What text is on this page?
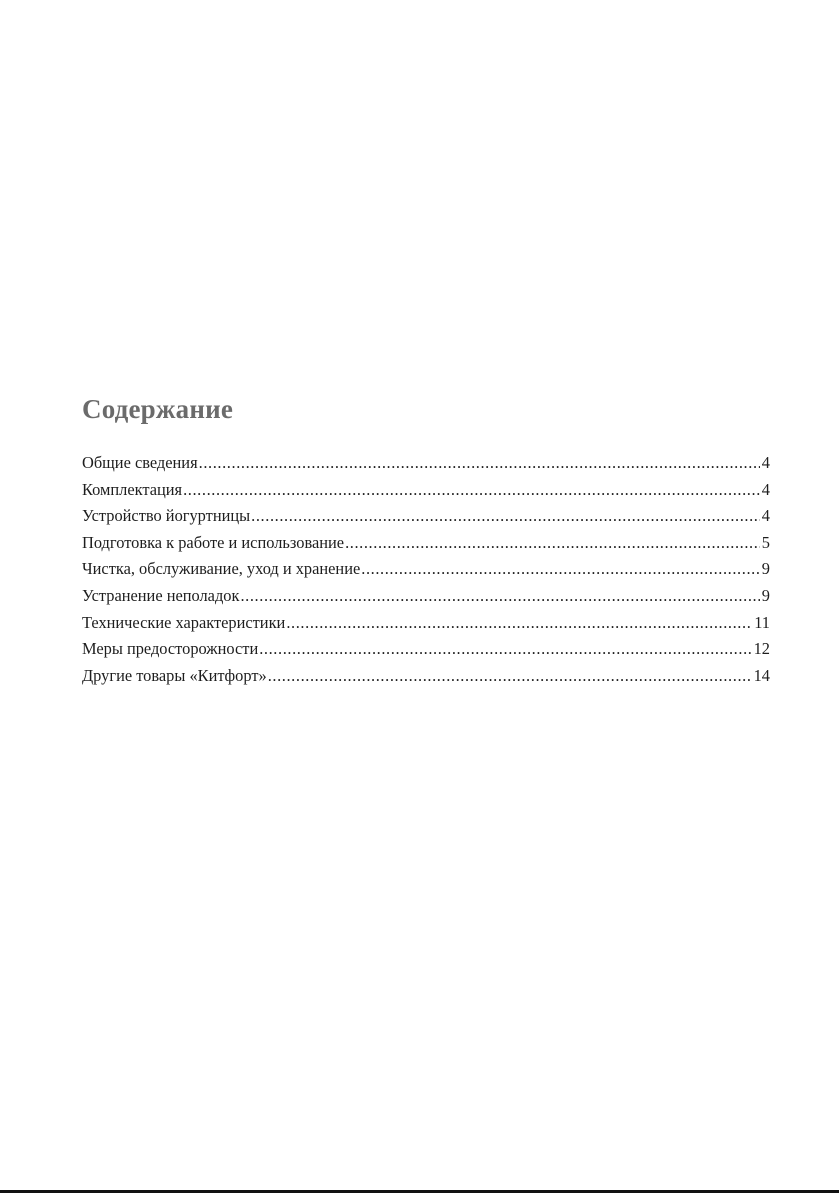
Содержание
Общие сведения .....	4
Комплектация .....	4
Устройство йогуртницы .....	4
Подготовка к работе и использование .....	5
Чистка, обслуживание, уход и хранение .....	9
Устранение неполадок .....	9
Технические характеристики .....	11
Меры предосторожности .....	12
Другие товары «Китфорт» .....	14
